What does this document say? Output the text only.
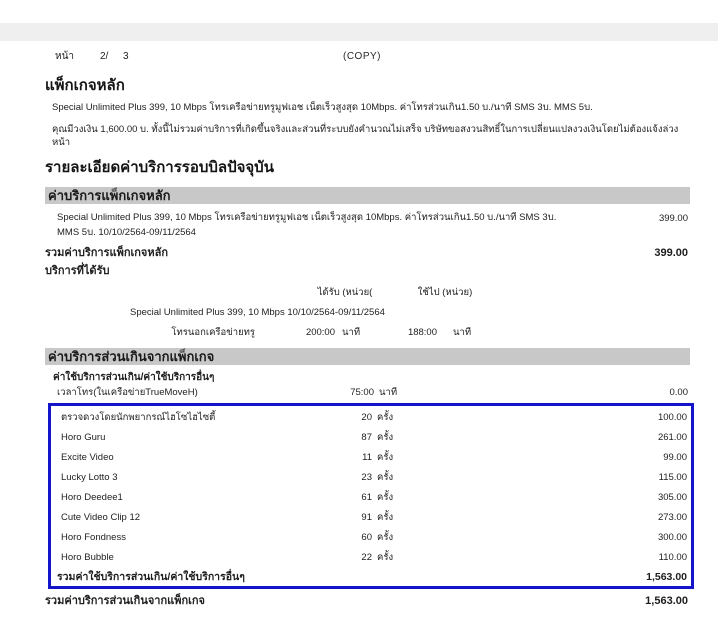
หน้า	2/ 3	(COPY)
แพ็กเกจหลัก
Special Unlimited Plus 399, 10 Mbps โทรเครือข่ายทรูมูฟเอช เน็ตเร็วสูงสุด 10Mbps. ค่าโทรส่วนเกิน1.50 บ./นาที SMS 3บ. MMS 5บ.
คุณมีวงเงิน 1,600.00 บ. ทั้งนี้ไม่รวมค่าบริการที่เกิดขึ้นจริงและส่วนที่ระบบยังคำนวณไม่เสร็จ บริษัทขอสงวนสิทธิ์ในการเปลี่ยนแปลงวงเงินโดยไม่ต้องแจ้งล่วงหน้า
รายละเอียดค่าบริการรอบบิลปัจจุบัน
ค่าบริการแพ็กเกจหลัก
Special Unlimited Plus 399, 10 Mbps โทรเครือข่ายทรูมูฟเอช เน็ตเร็วสูงสุด 10Mbps. ค่าโทรส่วนเกิน1.50 บ./นาที SMS 3บ.
MMS 5บ. 10/10/2564-09/11/2564
399.00
รวมค่าบริการแพ็กเกจหลัก	399.00
บริการที่ได้รับ
ได้รับ (หน่วย(	ใช้ไป (หน่วย)
Special Unlimited Plus 399, 10 Mbps 10/10/2564-09/11/2564
โทรนอกเครือข่ายทรู	200:00 นาที	188:00 นาที
ค่าบริการส่วนเกินจากแพ็กเกจ
ค่าใช้บริการส่วนเกิน/ค่าใช้บริการอื่นๆ
เวลาโทร(ในเครือข่ายTrueMoveH)	75:00 นาที	0.00
ตรวจดวงโดยนักพยากรณ์ไฮโซไฮไซตี้	20 ครั้ง	100.00
Horo Guru	87 ครั้ง	261.00
Excite Video	11 ครั้ง	99.00
Lucky Lotto 3	23 ครั้ง	115.00
Horo Deedee1	61 ครั้ง	305.00
Cute Video Clip 12	91 ครั้ง	273.00
Horo Fondness	60 ครั้ง	300.00
Horo Bubble	22 ครั้ง	110.00
รวมค่าใช้บริการส่วนเกิน/ค่าใช้บริการอื่นๆ	1,563.00
รวมค่าบริการส่วนเกินจากแพ็กเกจ	1,563.00
